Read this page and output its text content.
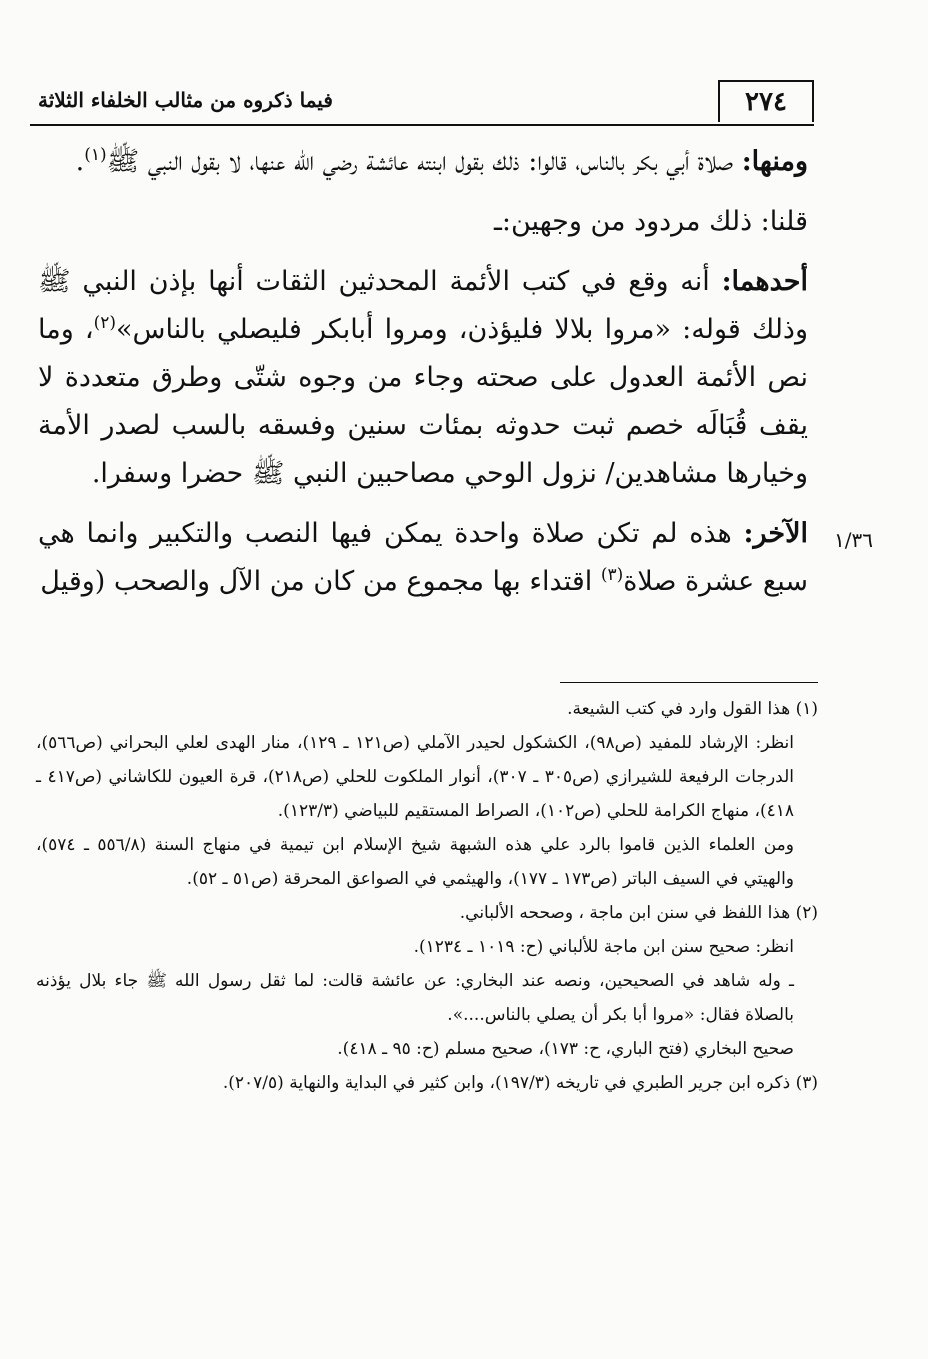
٢٧٤
فيما ذكروه من مثالب الخلفاء الثلاثة

ومنها: صلاة أبي بكر بالناس، قالوا: ذلك بقول ابنته عائشة رضي الله عنها، لا بقول النبي ﷺ$^{(١)}$.

قلنا: ذلك مردود من وجهين:ـ

أحدهما: أنه وقع في كتب الأئمة المحدثين الثقات أنها بإذن النبي ﷺ وذلك قوله: «مروا بلالا فليؤذن، ومروا أبابكر فليصلي بالناس»$^{(٢)}$، وما نص الأئمة العدول على صحته وجاء من وجوه شتّى وطرق متعددة لا يقف قُبَالَه خصم ثبت حدوثه بمئات سنين وفسقه بالسب لصدر الأمة وخيارها مشاهدين/ نزول الوحي مصاحبين النبي ﷺ حضرا وسفرا.

الآخر: هذه لم تكن صلاة واحدة يمكن فيها النصب والتكبير وانما هي سبع عشرة صلاة$^{(٣)}$ اقتداء بها مجموع من كان من الآل والصحب (وقيل

١/٣٦

(١) هذا القول وارد في كتب الشيعة.

انظر: الإرشاد للمفيد (ص٩٨)، الكشكول لحيدر الآملي (ص١٢١ ـ ١٢٩)، منار الهدى لعلي البحراني (ص٥٦٦)، الدرجات الرفيعة للشيرازي (ص٣٠٥ ـ ٣٠٧)، أنوار الملكوت للحلي (ص٢١٨)، قرة العيون للكاشاني (ص٤١٧ ـ ٤١٨)، منهاج الكرامة للحلي (ص١٠٢)، الصراط المستقيم للبياضي (١٢٣/٣).

ومن العلماء الذين قاموا بالرد علي هذه الشبهة شيخ الإسلام ابن تيمية في منهاج السنة (٥٥٦/٨ ـ ٥٧٤)، والهيتي في السيف الباتر (ص١٧٣ ـ ١٧٧)، والهيثمي في الصواعق المحرقة (ص٥١ ـ ٥٢).

(٢) هذا اللفظ في سنن ابن ماجة ، وصححه الألباني.

انظر: صحيح سنن ابن ماجة للألباني (ح: ١٠١٩ ـ ١٢٣٤).

ـ وله شاهد في الصحيحين، ونصه عند البخاري: عن عائشة قالت: لما ثقل رسول الله ﷺ جاء بلال يؤذنه بالصلاة فقال: «مروا أبا بكر أن يصلي بالناس....».

صحيح البخاري (فتح الباري، ح: ١٧٣)، صحيح مسلم (ح: ٩٥ ـ ٤١٨).

(٣) ذكره ابن جرير الطبري في تاريخه (١٩٧/٣)، وابن كثير في البداية والنهاية (٢٠٧/٥).
